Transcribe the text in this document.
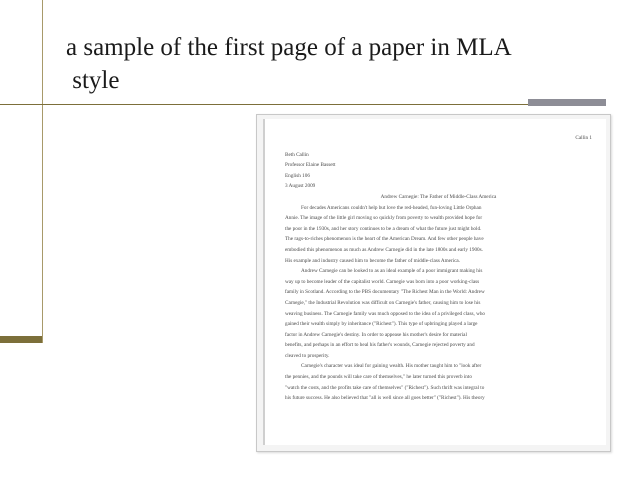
a sample of the first page of a paper in MLA
style
Callin 1
Beth Callin
Professor Elaine Bassett
English 106
3 August 2009
Andrew Carnegie: The Father of Middle-Class America
For decades Americans couldn't help but love the red-headed, fun-loving Little Orphan
Annie. The image of the little girl moving so quickly from poverty to wealth provided hope for
the poor in the 1930s, and her story continues to be a dream of what the future just might hold.
The rags-to-riches phenomenon is the heart of the American Dream. And few other people have
embodied this phenomenon as much as Andrew Carnegie did in the late 1800s and early 1900s.
His example and industry caused him to become the father of middle-class America.
Andrew Carnegie can be looked to as an ideal example of a poor immigrant making his
way up to become leader of the capitalist world. Carnegie was born into a poor working-class
family in Scotland. According to the PBS documentary "The Richest Man in the World: Andrew
Carnegie," the Industrial Revolution was difficult on Carnegie's father, causing him to lose his
weaving business. The Carnegie family was much opposed to the idea of a privileged class, who
gained their wealth simply by inheritance ("Richest"). This type of upbringing played a large
factor in Andrew Carnegie's destiny. In order to appease his mother's desire for material
benefits, and perhaps in an effort to heal his father's wounds, Carnegie rejected poverty and
cleaved to prosperity.
Carnegie's character was ideal for gaining wealth. His mother taught him to "look after
the pennies, and the pounds will take care of themselves," he later turned this proverb into
"watch the costs, and the profits take care of themselves" ("Richest"). Such thrift was integral to
his future success. He also believed that "all is well since all goes better" ("Richest"). His theory
